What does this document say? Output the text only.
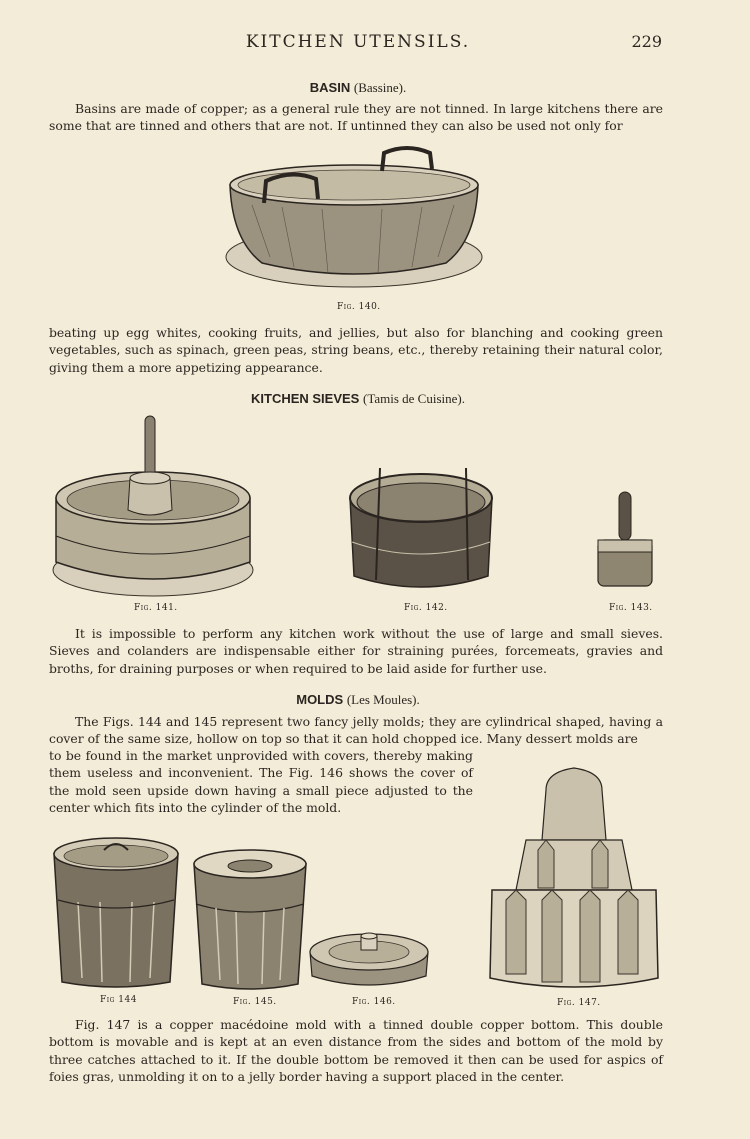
KITCHEN UTENSILS.	229
BASIN (Bassine).
Basins are made of copper; as a general rule they are not tinned. In large kitchens there are some that are tinned and others that are not. If untinned they can also be used not only for
Fig. 140.
beating up egg whites, cooking fruits, and jellies, but also for blanching and cooking green vegetables, such as spinach, green peas, string beans, etc., thereby retaining their natural color, giving them a more appetizing appearance.
KITCHEN SIEVES (Tamis de Cuisine).
Fig. 141.	Fig. 142.	Fig. 143.
It is impossible to perform any kitchen work without the use of large and small sieves. Sieves and colanders are indispensable either for straining purées, forcemeats, gravies and broths, for draining purposes or when required to be laid aside for further use.
MOLDS (Les Moules).
The Figs. 144 and 145 represent two fancy jelly molds; they are cylindrical shaped, having a cover of the same size, hollow on top so that it can hold chopped ice. Many dessert molds are
to be found in the market unprovided with covers, thereby making them useless and inconvenient. The Fig. 146 shows the cover of the mold seen upside down having a small piece adjusted to the center which fits into the cylinder of the mold.
Fig. 147.
Fig 144	Fig. 145.	Fig. 146.
Fig. 147 is a copper macédoine mold with a tinned double copper bottom. This double bottom is movable and is kept at an even distance from the sides and bottom of the mold by three catches attached to it. If the double bottom be removed it then can be used for aspics of foies gras, unmolding it on to a jelly border having a support placed in the center.
